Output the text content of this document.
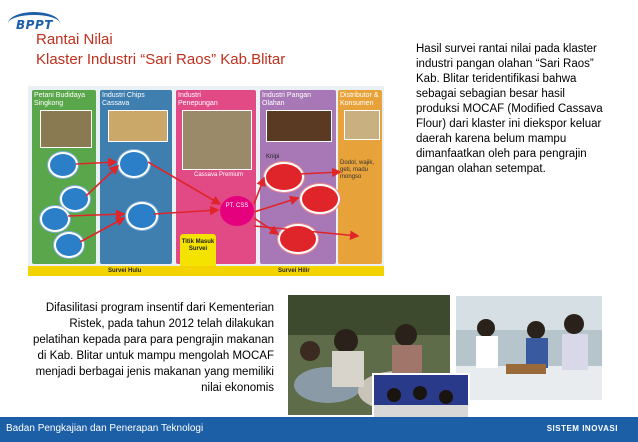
BPPT
Rantai Nilai
Klaster Industri “Sari Raos” Kab.Blitar
Petani Budidaya Singkong
Industri Chips Cassava
Industri Penepungan
Industri Pangan Olahan
Distributor & Konsumen
Cassava Premium
PT. CSS
Knipi
Dodol, wajik, geti, madu mongso
Titik Masuk Survei
Survei Hulu	Survei Hilir
Hasil survei rantai nilai pada klaster industri pangan olahan “Sari Raos” Kab. Blitar teridentifikasi bahwa sebagai sebagian besar hasil produksi MOCAF (Modified Cassava Flour) dari klaster ini diekspor keluar daerah karena belum mampu dimanfaatkan oleh para pengrajin pangan olahan setempat.
Difasilitasi program insentif dari Kementerian Ristek, pada tahun 2012 telah dilakukan pelatihan kepada para para pengrajin makanan di Kab. Blitar untuk mampu mengolah MOCAF menjadi berbagai jenis makanan yang memiliki nilai ekonomis
Badan Pengkajian dan Penerapan Teknologi	SISTEM INOVASI
